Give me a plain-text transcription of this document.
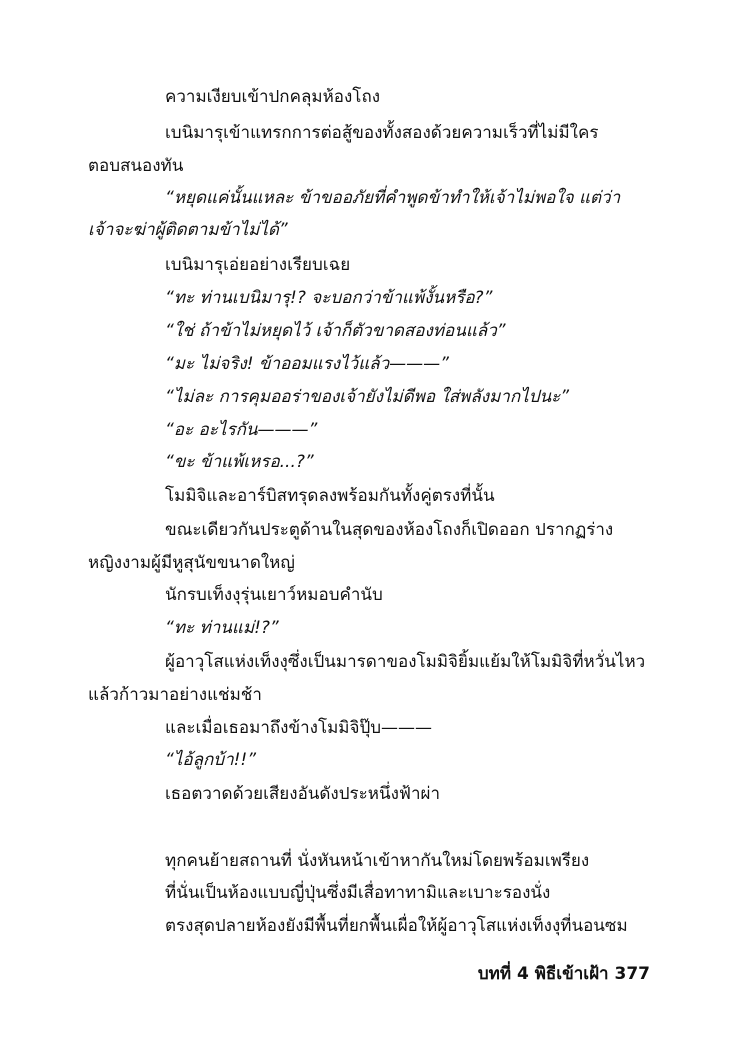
ความเงียบเข้าปกคลุมห้องโถง
เบนิมารุเข้าแทรกการต่อสู้ของทั้งสองด้วยความเร็วที่ไม่มีใคร
ตอบสนองทัน
“หยุดแค่นั้นแหละ ข้าขออภัยที่คำพูดข้าทำให้เจ้าไม่พอใจ แต่ว่า
เจ้าจะฆ่าผู้ติดตามข้าไม่ได้”
เบนิมารุเอ่ยอย่างเรียบเฉย
“ทะ ท่านเบนิมารุ!? จะบอกว่าข้าแพ้งั้นหรือ?”
“ใช่ ถ้าข้าไม่หยุดไว้ เจ้าก็ตัวขาดสองท่อนแล้ว”
“มะ ไม่จริง! ข้าออมแรงไว้แล้ว———”
“ไม่ละ การคุมออร่าของเจ้ายังไม่ดีพอ ใส่พลังมากไปนะ”
“อะ อะไรกัน———”
“ขะ ข้าแพ้เหรอ...?”
โมมิจิและอาร์บิสทรุดลงพร้อมกันทั้งคู่ตรงที่นั้น
ขณะเดียวกันประตูด้านในสุดของห้องโถงก็เปิดออก ปรากฏร่าง
หญิงงามผู้มีหูสุนัขขนาดใหญ่
นักรบเท็งงุรุ่นเยาว์หมอบคำนับ
“ทะ ท่านแม่!?”
ผู้อาวุโสแห่งเท็งงุซึ่งเป็นมารดาของโมมิจิยิ้มแย้มให้โมมิจิที่หวั่นไหว
แล้วก้าวมาอย่างแช่มช้า
และเมื่อเธอมาถึงข้างโมมิจิปุ๊บ———
“ไอ้ลูกบ้า!!”
เธอตวาดด้วยเสียงอันดังประหนึ่งฟ้าผ่า
ทุกคนย้ายสถานที่ นั่งหันหน้าเข้าหากันใหม่โดยพร้อมเพรียง
ที่นั่นเป็นห้องแบบญี่ปุ่นซึ่งมีเสื่อทาทามิและเบาะรองนั่ง
ตรงสุดปลายห้องยังมีพื้นที่ยกพื้นเผื่อให้ผู้อาวุโสแห่งเท็งงุที่นอนซม
บทที่ 4 พิธีเข้าเฝ้า 377
